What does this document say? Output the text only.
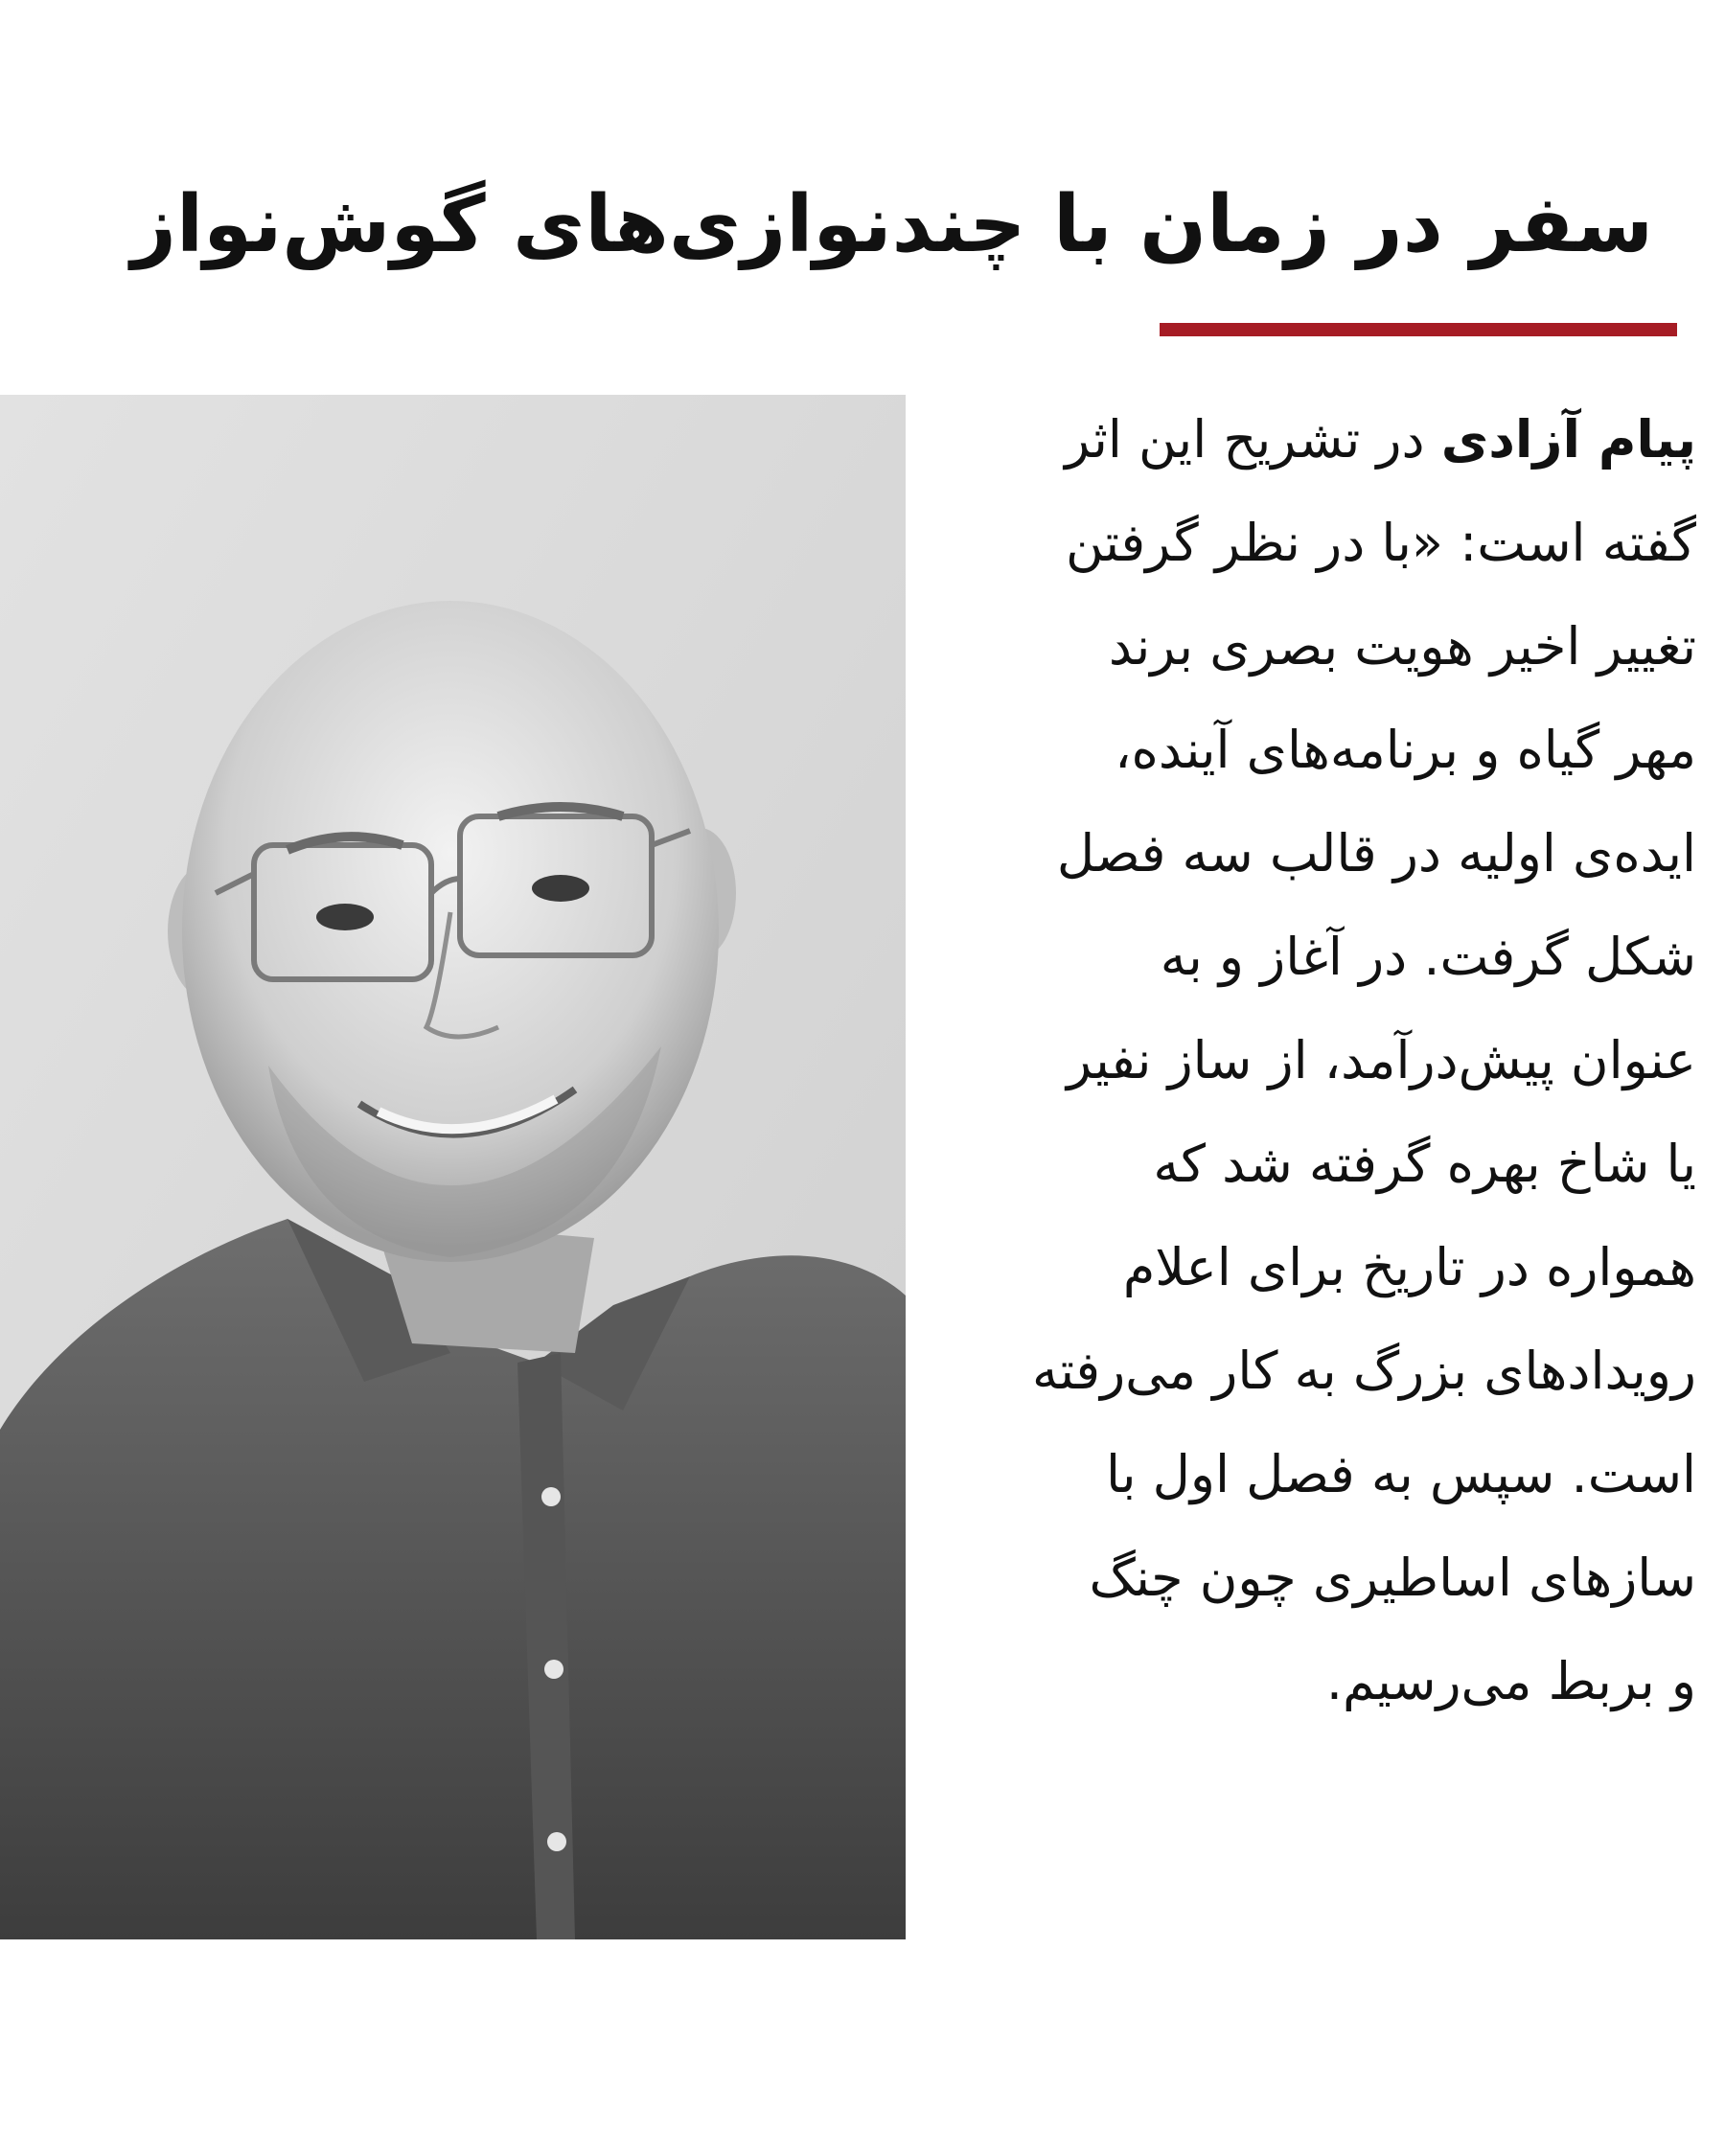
سفر در زمان با چندنوازی‌های گوش‌نواز

پیام آزادی در تشریح این اثر
گفته است: «با در نظر گرفتن
تغییر اخیر هویت بصری برند
مهر گیاه و برنامه‌های آینده،
ایده‌ی اولیه در قالب سه فصل
شکل گرفت. در آغاز و به
عنوان پیش‌درآمد، از ساز نفیر
یا شاخ بهره گرفته شد که
همواره در تاریخ برای اعلام
رویدادهای بزرگ به کار می‌رفته
است. سپس به فصل اول با
سازهای اساطیری چون چنگ
و بربط می‌رسیم.
